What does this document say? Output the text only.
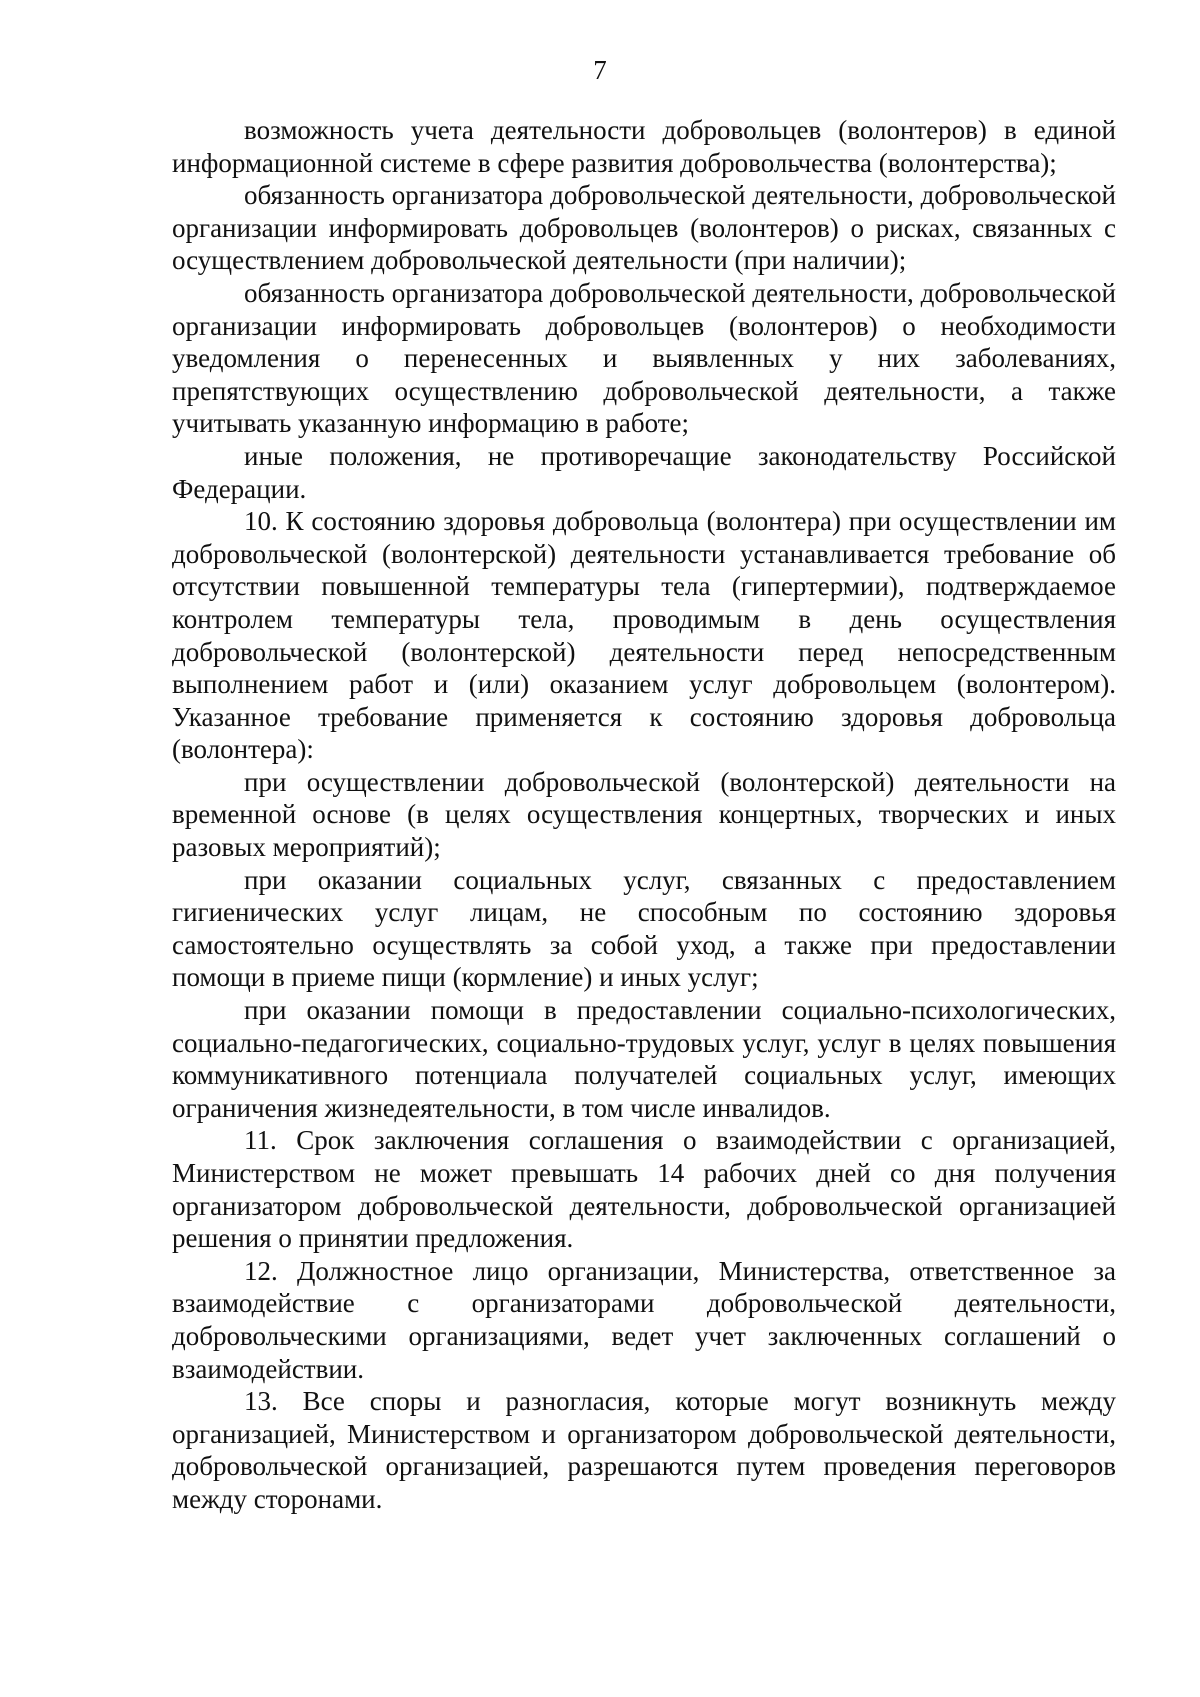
7

возможность учета деятельности добровольцев (волонтеров) в единой информационной системе в сфере развития добровольчества (волонтерства);

обязанность организатора добровольческой деятельности, добровольческой организации информировать добровольцев (волонтеров) о рисках, связанных с осуществлением добровольческой деятельности (при наличии);

обязанность организатора добровольческой деятельности, добровольческой организации информировать добровольцев (волонтеров) о необходимости уведомления о перенесенных и выявленных у них заболеваниях, препятствующих осуществлению добровольческой деятельности, а также учитывать указанную информацию в работе;

иные положения, не противоречащие законодательству Российской Федерации.

10. К состоянию здоровья добровольца (волонтера) при осуществлении им добровольческой (волонтерской) деятельности устанавливается требование об отсутствии повышенной температуры тела (гипертермии), подтверждаемое контролем температуры тела, проводимым в день осуществления добровольческой (волонтерской) деятельности перед непосредственным выполнением работ и (или) оказанием услуг добровольцем (волонтером). Указанное требование применяется к состоянию здоровья добровольца (волонтера):

при осуществлении добровольческой (волонтерской) деятельности на временной основе (в целях осуществления концертных, творческих и иных разовых мероприятий);

при оказании социальных услуг, связанных с предоставлением гигиенических услуг лицам, не способным по состоянию здоровья самостоятельно осуществлять за собой уход, а также при предоставлении помощи в приеме пищи (кормление) и иных услуг;

при оказании помощи в предоставлении социально-психологических, социально-педагогических, социально-трудовых услуг, услуг в целях повышения коммуникативного потенциала получателей социальных услуг, имеющих ограничения жизнедеятельности, в том числе инвалидов.

11. Срок заключения соглашения о взаимодействии с организацией, Министерством не может превышать 14 рабочих дней со дня получения организатором добровольческой деятельности, добровольческой организацией решения о принятии предложения.

12. Должностное лицо организации, Министерства, ответственное за взаимодействие с организаторами добровольческой деятельности, добровольческими организациями, ведет учет заключенных соглашений о взаимодействии.

13. Все споры и разногласия, которые могут возникнуть между организацией, Министерством и организатором добровольческой деятельности, добровольческой организацией, разрешаются путем проведения переговоров между сторонами.
